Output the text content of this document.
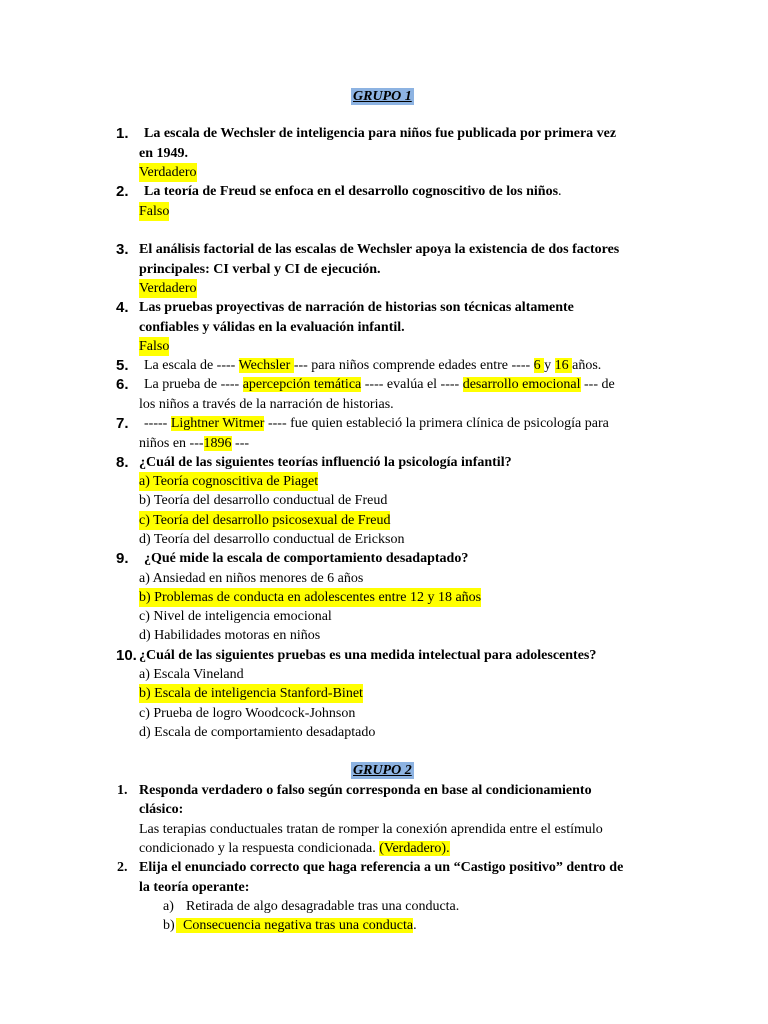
GRUPO 1
1. La escala de Wechsler de inteligencia para niños fue publicada por primera vez
en 1949.
Verdadero
2. La teoría de Freud se enfoca en el desarrollo cognoscitivo de los niños.
Falso
3. El análisis factorial de las escalas de Wechsler apoya la existencia de dos factores
principales: CI verbal y CI de ejecución.
Verdadero
4. Las pruebas proyectivas de narración de historias son técnicas altamente
confiables y válidas en la evaluación infantil.
Falso
5. La escala de ---- Wechsler --- para niños comprende edades entre ---- 6 y 16 años.
6. La prueba de ---- apercepción temática ---- evalúa el ---- desarrollo emocional --- de
los niños a través de la narración de historias.
7. ----- Lightner Witmer ---- fue quien estableció la primera clínica de psicología para
niños en ---1896 ---
8. ¿Cuál de las siguientes teorías influenció la psicología infantil?
a) Teoría cognoscitiva de Piaget
b) Teoría del desarrollo conductual de Freud
c) Teoría del desarrollo psicosexual de Freud
d) Teoría del desarrollo conductual de Erickson
9. ¿Qué mide la escala de comportamiento desadaptado?
a) Ansiedad en niños menores de 6 años
b) Problemas de conducta en adolescentes entre 12 y 18 años
c) Nivel de inteligencia emocional
d) Habilidades motoras en niños
10. ¿Cuál de las siguientes pruebas es una medida intelectual para adolescentes?
a) Escala Vineland
b) Escala de inteligencia Stanford-Binet
c) Prueba de logro Woodcock-Johnson
d) Escala de comportamiento desadaptado
GRUPO 2
1. Responda verdadero o falso según corresponda en base al condicionamiento
clásico:
Las terapias conductuales tratan de romper la conexión aprendida entre el estímulo
condicionado y la respuesta condicionada. (Verdadero).
2. Elija el enunciado correcto que haga referencia a un “Castigo positivo” dentro de
la teoría operante:
a) Retirada de algo desagradable tras una conducta.
b) Consecuencia negativa tras una conducta.
